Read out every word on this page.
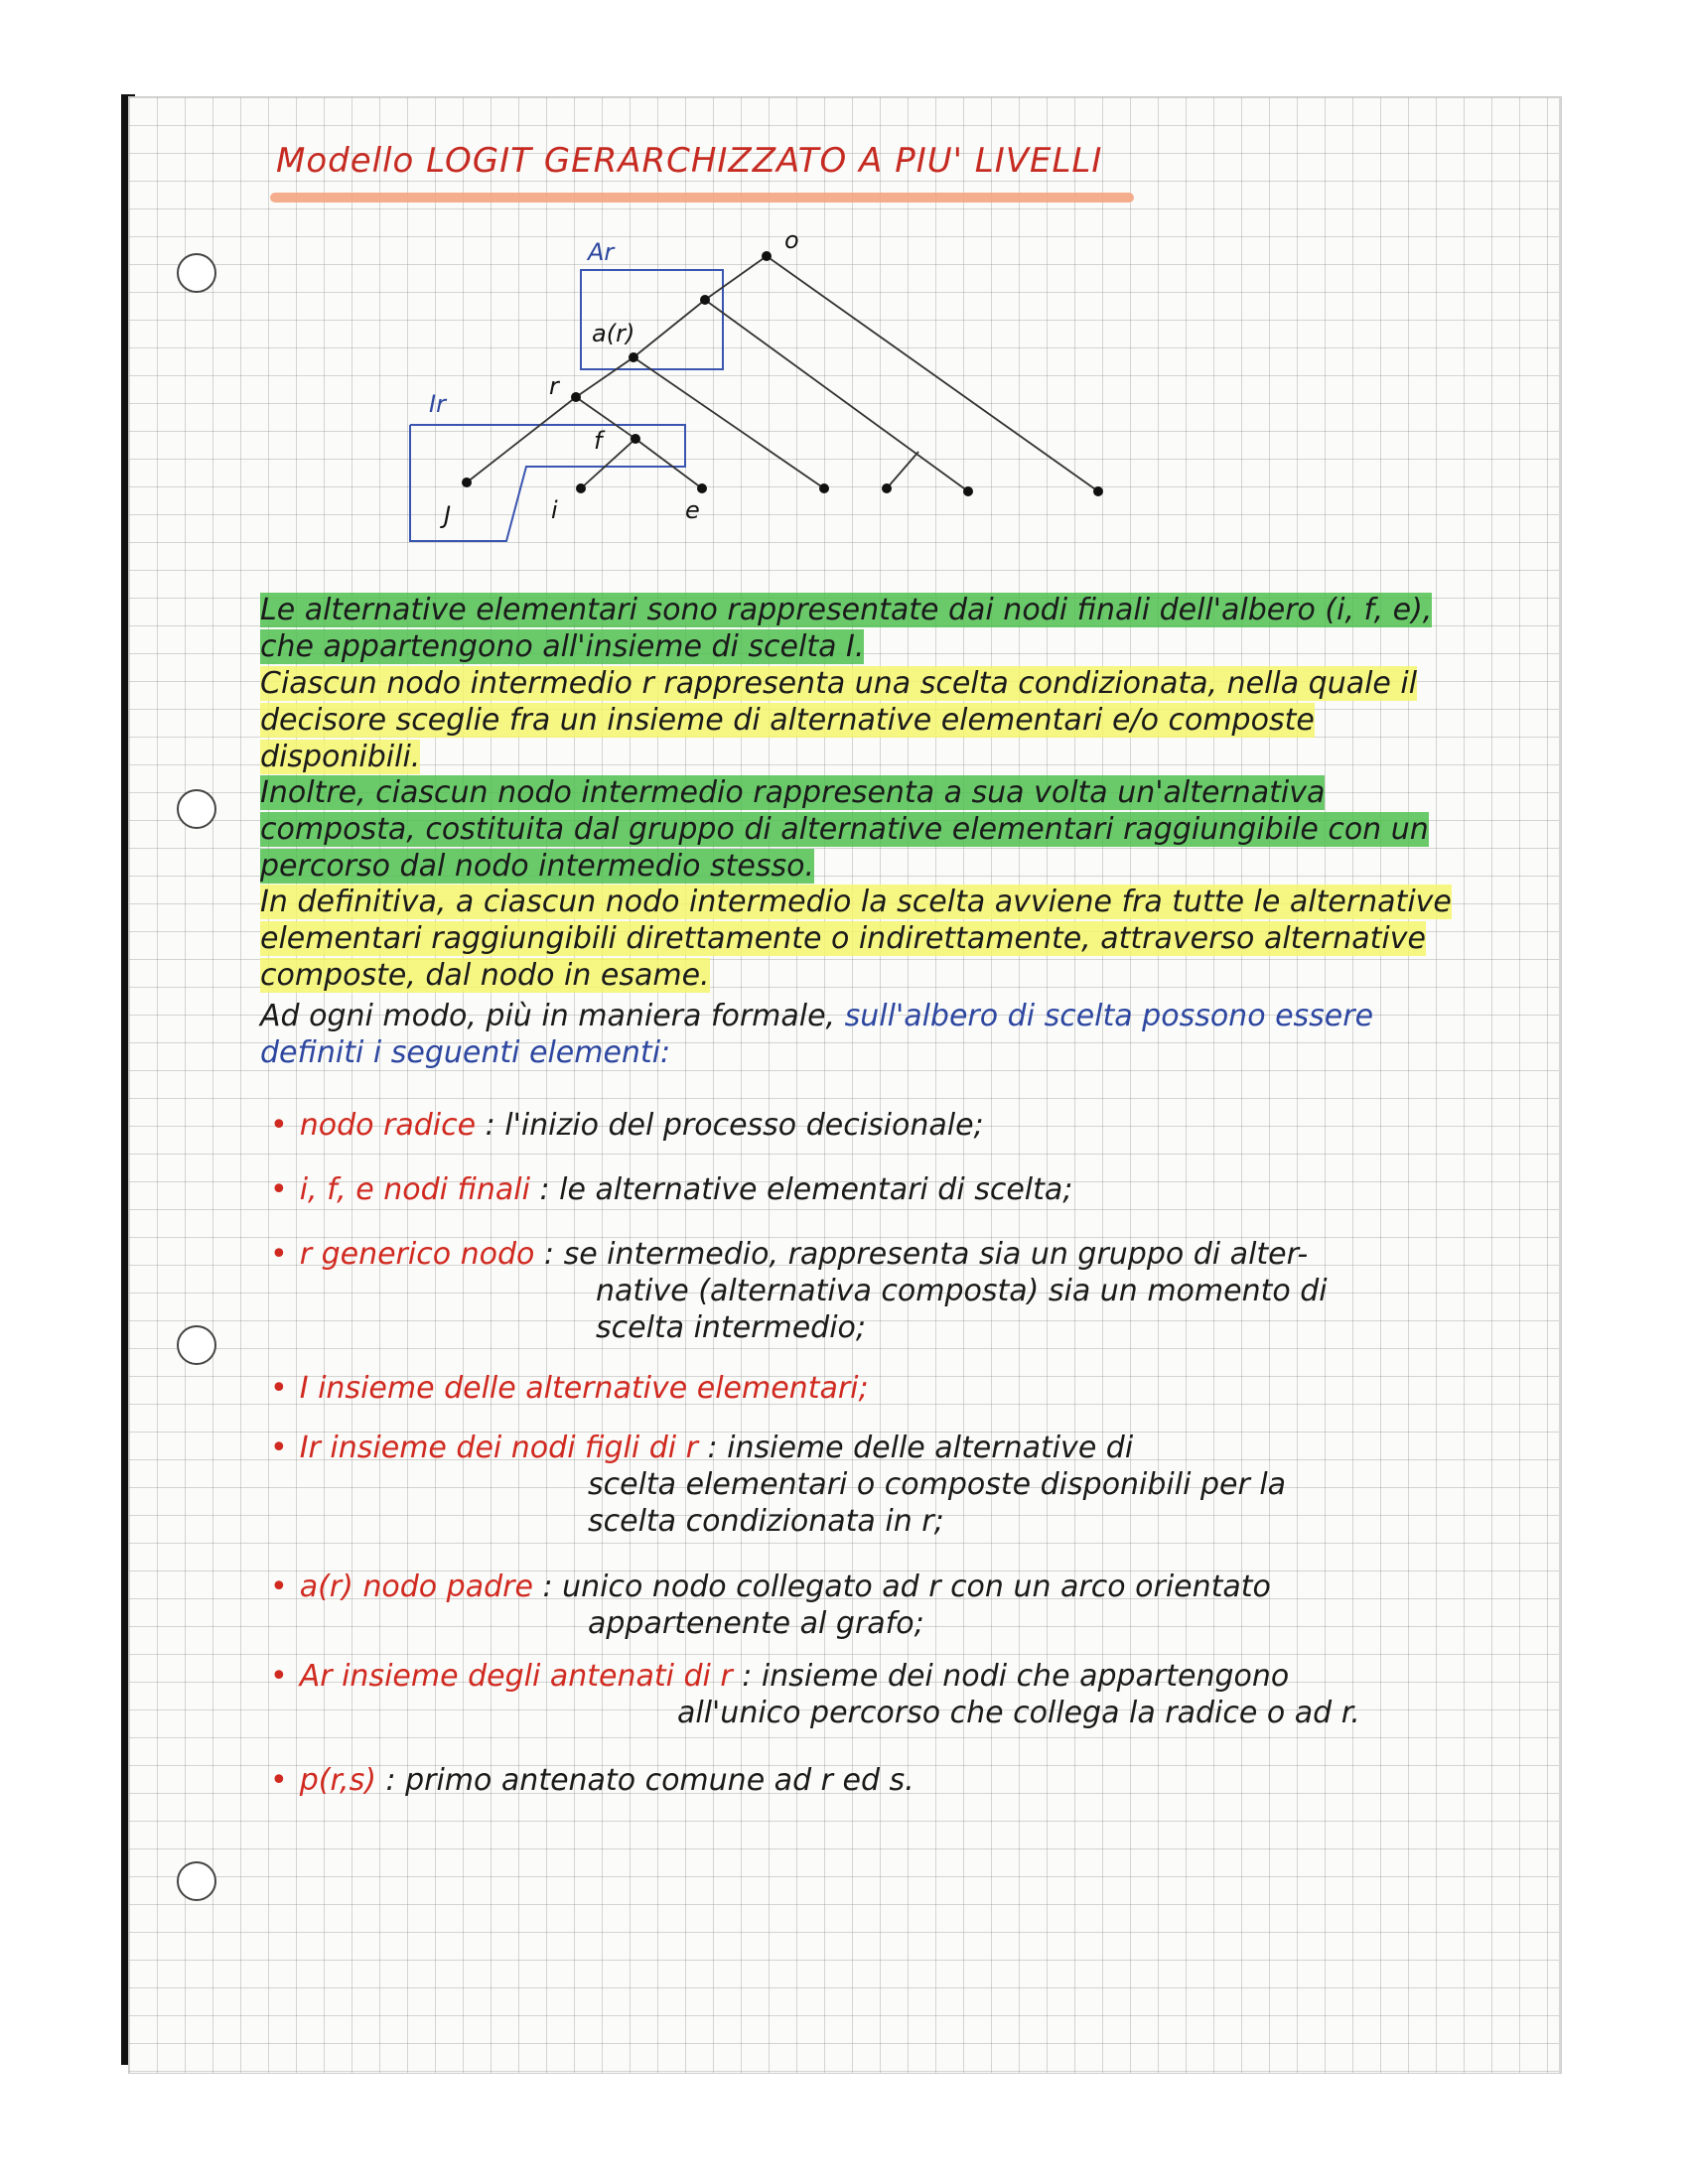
Modello LOGIT GERARCHIZZATO A PIU' LIVELLI
o
Ar
a(r)
r
Ir
f
J	i	e
Le alternative elementari sono rappresentate dai nodi finali dell'albero (i, f, e), che appartengono all'insieme di scelta I.
Ciascun nodo intermedio r rappresenta una scelta condizionata, nella quale il decisore sceglie fra un insieme di alternative elementari e/o composte disponibili.
Inoltre, ciascun nodo intermedio rappresenta a sua volta un'alternativa composta, costituita dal gruppo di alternative elementari raggiungibile con un percorso dal nodo intermedio stesso.
In definitiva, a ciascun nodo intermedio la scelta avviene fra tutte le alternative elementari raggiungibili direttamente o indirettamente, attraverso alternative composte, dal nodo in esame.
Ad ogni modo, più in maniera formale, sull'albero di scelta possono essere definiti i seguenti elementi:
• nodo radice : l'inizio del processo decisionale;
• i, f, e nodi finali : le alternative elementari di scelta;
• r generico nodo : se intermedio, rappresenta sia un gruppo di alter-
native (alternativa composta) sia un momento di
scelta intermedio;
• I insieme delle alternative elementari;
• Ir insieme dei nodi figli di r : insieme delle alternative di
scelta elementari o composte disponibili per la
scelta condizionata in r;
• a(r) nodo padre : unico nodo collegato ad r con un arco orientato
appartenente al grafo;
• Ar insieme degli antenati di r : insieme dei nodi che appartengono
all'unico percorso che collega la radice o ad r.
• p(r,s) : primo antenato comune ad r ed s.
